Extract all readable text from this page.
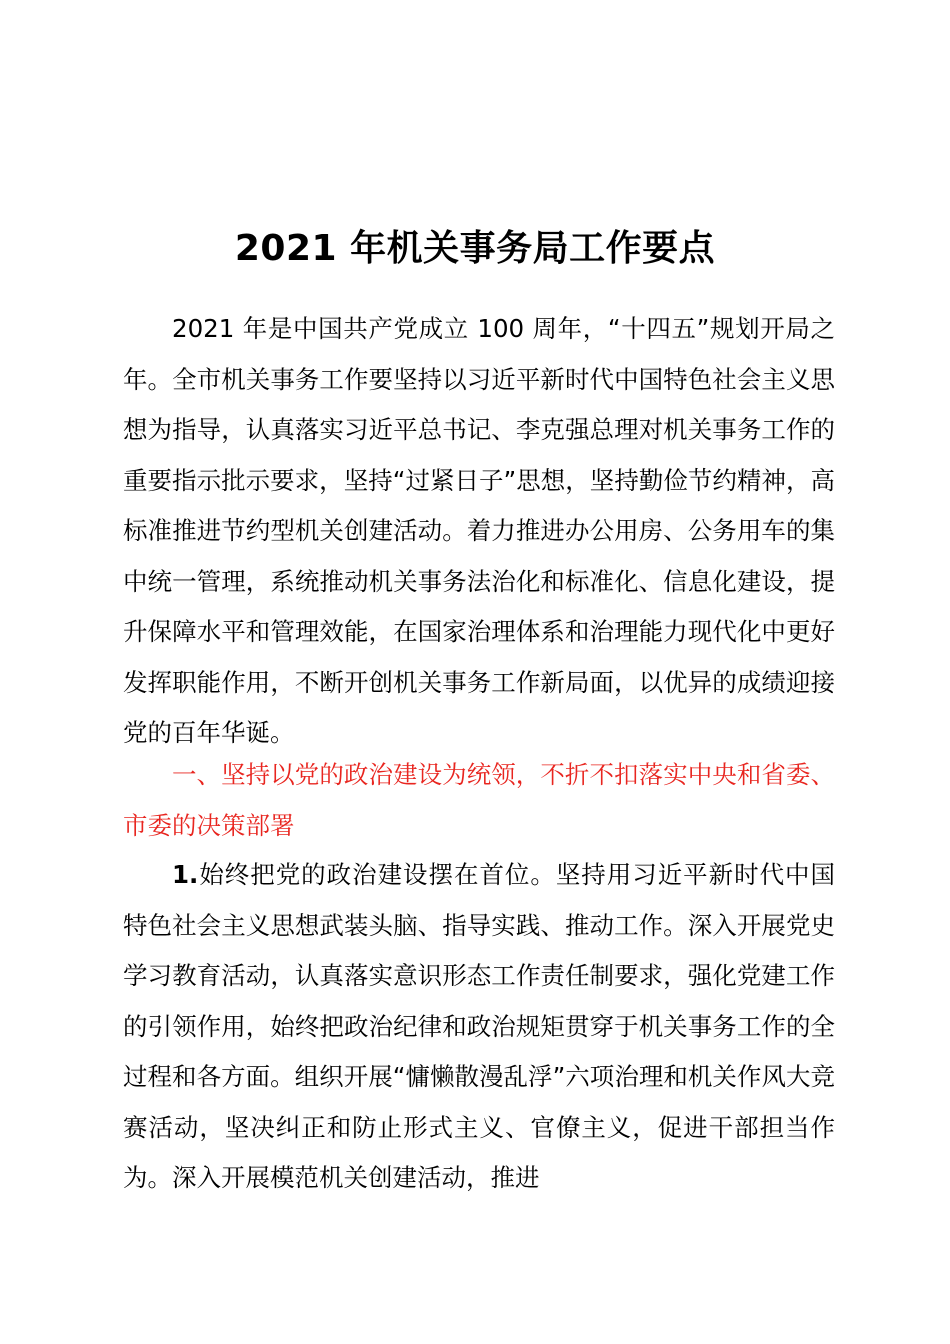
2021 年机关事务局工作要点
2021 年是中国共产党成立 100 周年，“十四五”规划开局之年。全市机关事务工作要坚持以习近平新时代中国特色社会主义思想为指导，认真落实习近平总书记、李克强总理对机关事务工作的重要指示批示要求，坚持“过紧日子”思想，坚持勤俭节约精神，高标准推进节约型机关创建活动。着力推进办公用房、公务用车的集中统一管理，系统推动机关事务法治化和标准化、信息化建设，提升保障水平和管理效能，在国家治理体系和治理能力现代化中更好发挥职能作用，不断开创机关事务工作新局面，以优异的成绩迎接党的百年华诞。
一、坚持以党的政治建设为统领，不折不扣落实中央和省委、市委的决策部署
1.始终把党的政治建设摆在首位。坚持用习近平新时代中国特色社会主义思想武装头脑、指导实践、推动工作。深入开展党史学习教育活动，认真落实意识形态工作责任制要求，强化党建工作的引领作用，始终把政治纪律和政治规矩贯穿于机关事务工作的全过程和各方面。组织开展“慵懒散漫乱浮”六项治理和机关作风大竞赛活动，坚决纠正和防止形式主义、官僚主义，促进干部担当作为。深入开展模范机关创建活动，推进
